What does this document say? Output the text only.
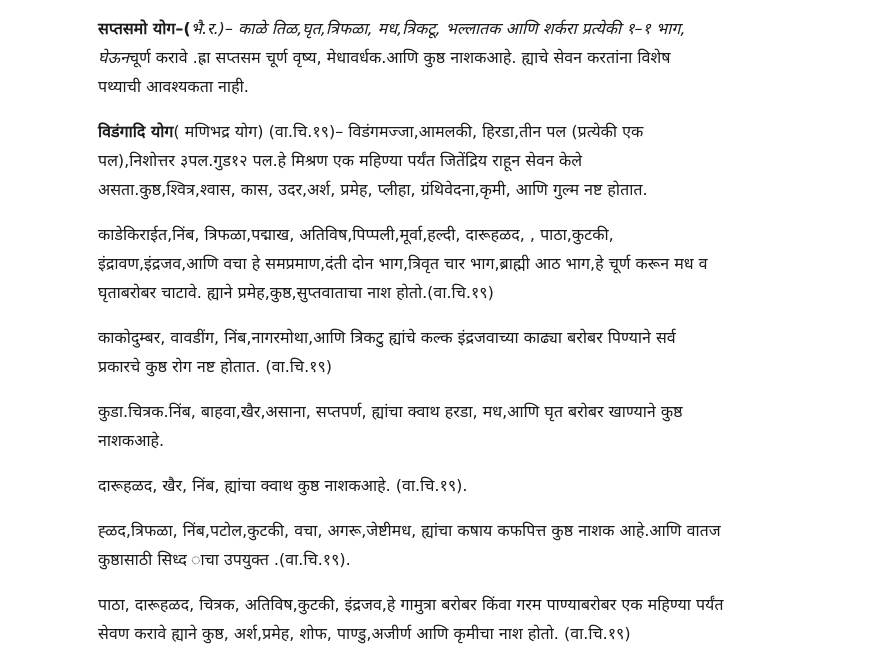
सप्तसमो योग–(भै.र.)– काळे तिळ,घृत,त्रिफळा, मध,त्रिकटू, भल्लातक आणि शर्करा प्रत्येकी १–१ भाग,
घेऊनचूर्ण करावे .ह्रा सप्तसम चूर्ण वृष्य, मेधावर्धक.आणि कुष्ठ नाशकआहे. ह्याचे सेवन करतांना विशेष
पथ्याची आवश्यकता नाही.
विडंगादि योग( मणिभद्र योग) (वा.चि.१९)– विडंगमज्जा,आमलकी, हिरडा,तीन पल (प्रत्येकी एक
पल),निशोत्तर ३पल.गुड१२ पल.हे मिश्रण एक महिण्या पर्यंत जितेंद्रिय राहून सेवन केले
असता.कुष्ठ,श्वित्र,श्वास, कास, उदर,अर्श, प्रमेह, प्लीहा, ग्रंथिवेदना,कृमी, आणि गुल्म नष्ट होतात.
काडेकिराईत,निंब, त्रिफळा,पद्माख, अतिविष,पिप्पली,मूर्वा,हल्दी, दारूहळद, , पाठा,कुटकी,
इंद्रावण,इंद्रजव,आणि वचा हे समप्रमाण,दंती दोन भाग,त्रिवृत चार भाग,ब्राह्मी आठ भाग,हे चूर्ण करून मध व
घृताबरोबर चाटावे. ह्याने प्रमेह,कुष्ठ,सुप्तवाताचा नाश होतो.(वा.चि.१९)
काकोदुम्बर, वावडींग, निंब,नागरमोथा,आणि त्रिकटु ह्यांचे कल्क इंद्रजवाच्या काढ्या बरोबर पिण्याने सर्व
प्रकारचे कुष्ठ रोग नष्ट होतात. (वा.चि.१९)
कुडा.चित्रक.निंब, बाहवा,खैर,असाना, सप्तपर्ण, ह्यांचा क्वाथ हरडा, मध,आणि घृत बरोबर खाण्याने कुष्ठ
नाशकआहे.
दारूहळद, खैर, निंब, ह्यांचा क्वाथ कुष्ठ नाशकआहे. (वा.चि.१९).
ह्ळद,त्रिफळा, निंब,पटोल,कुटकी, वचा, अगरू,जेष्टीमध, ह्यांचा कषाय कफपित्त कुष्ठ नाशक आहे.आणि वातज
कुष्ठासाठी सिध्द ाचा उपयुक्त .(वा.चि.१९).
पाठा, दारूहळद, चित्रक, अतिविष,कुटकी, इंद्रजव,हे गामुत्रा बरोबर किंवा गरम पाण्याबरोबर एक महिण्या पर्यंत
सेवण करावे ह्याने कुष्ठ, अर्श,प्रमेह, शोफ, पाण्डु,अजीर्ण आणि कृमीचा नाश होतो. (वा.चि.१९)
